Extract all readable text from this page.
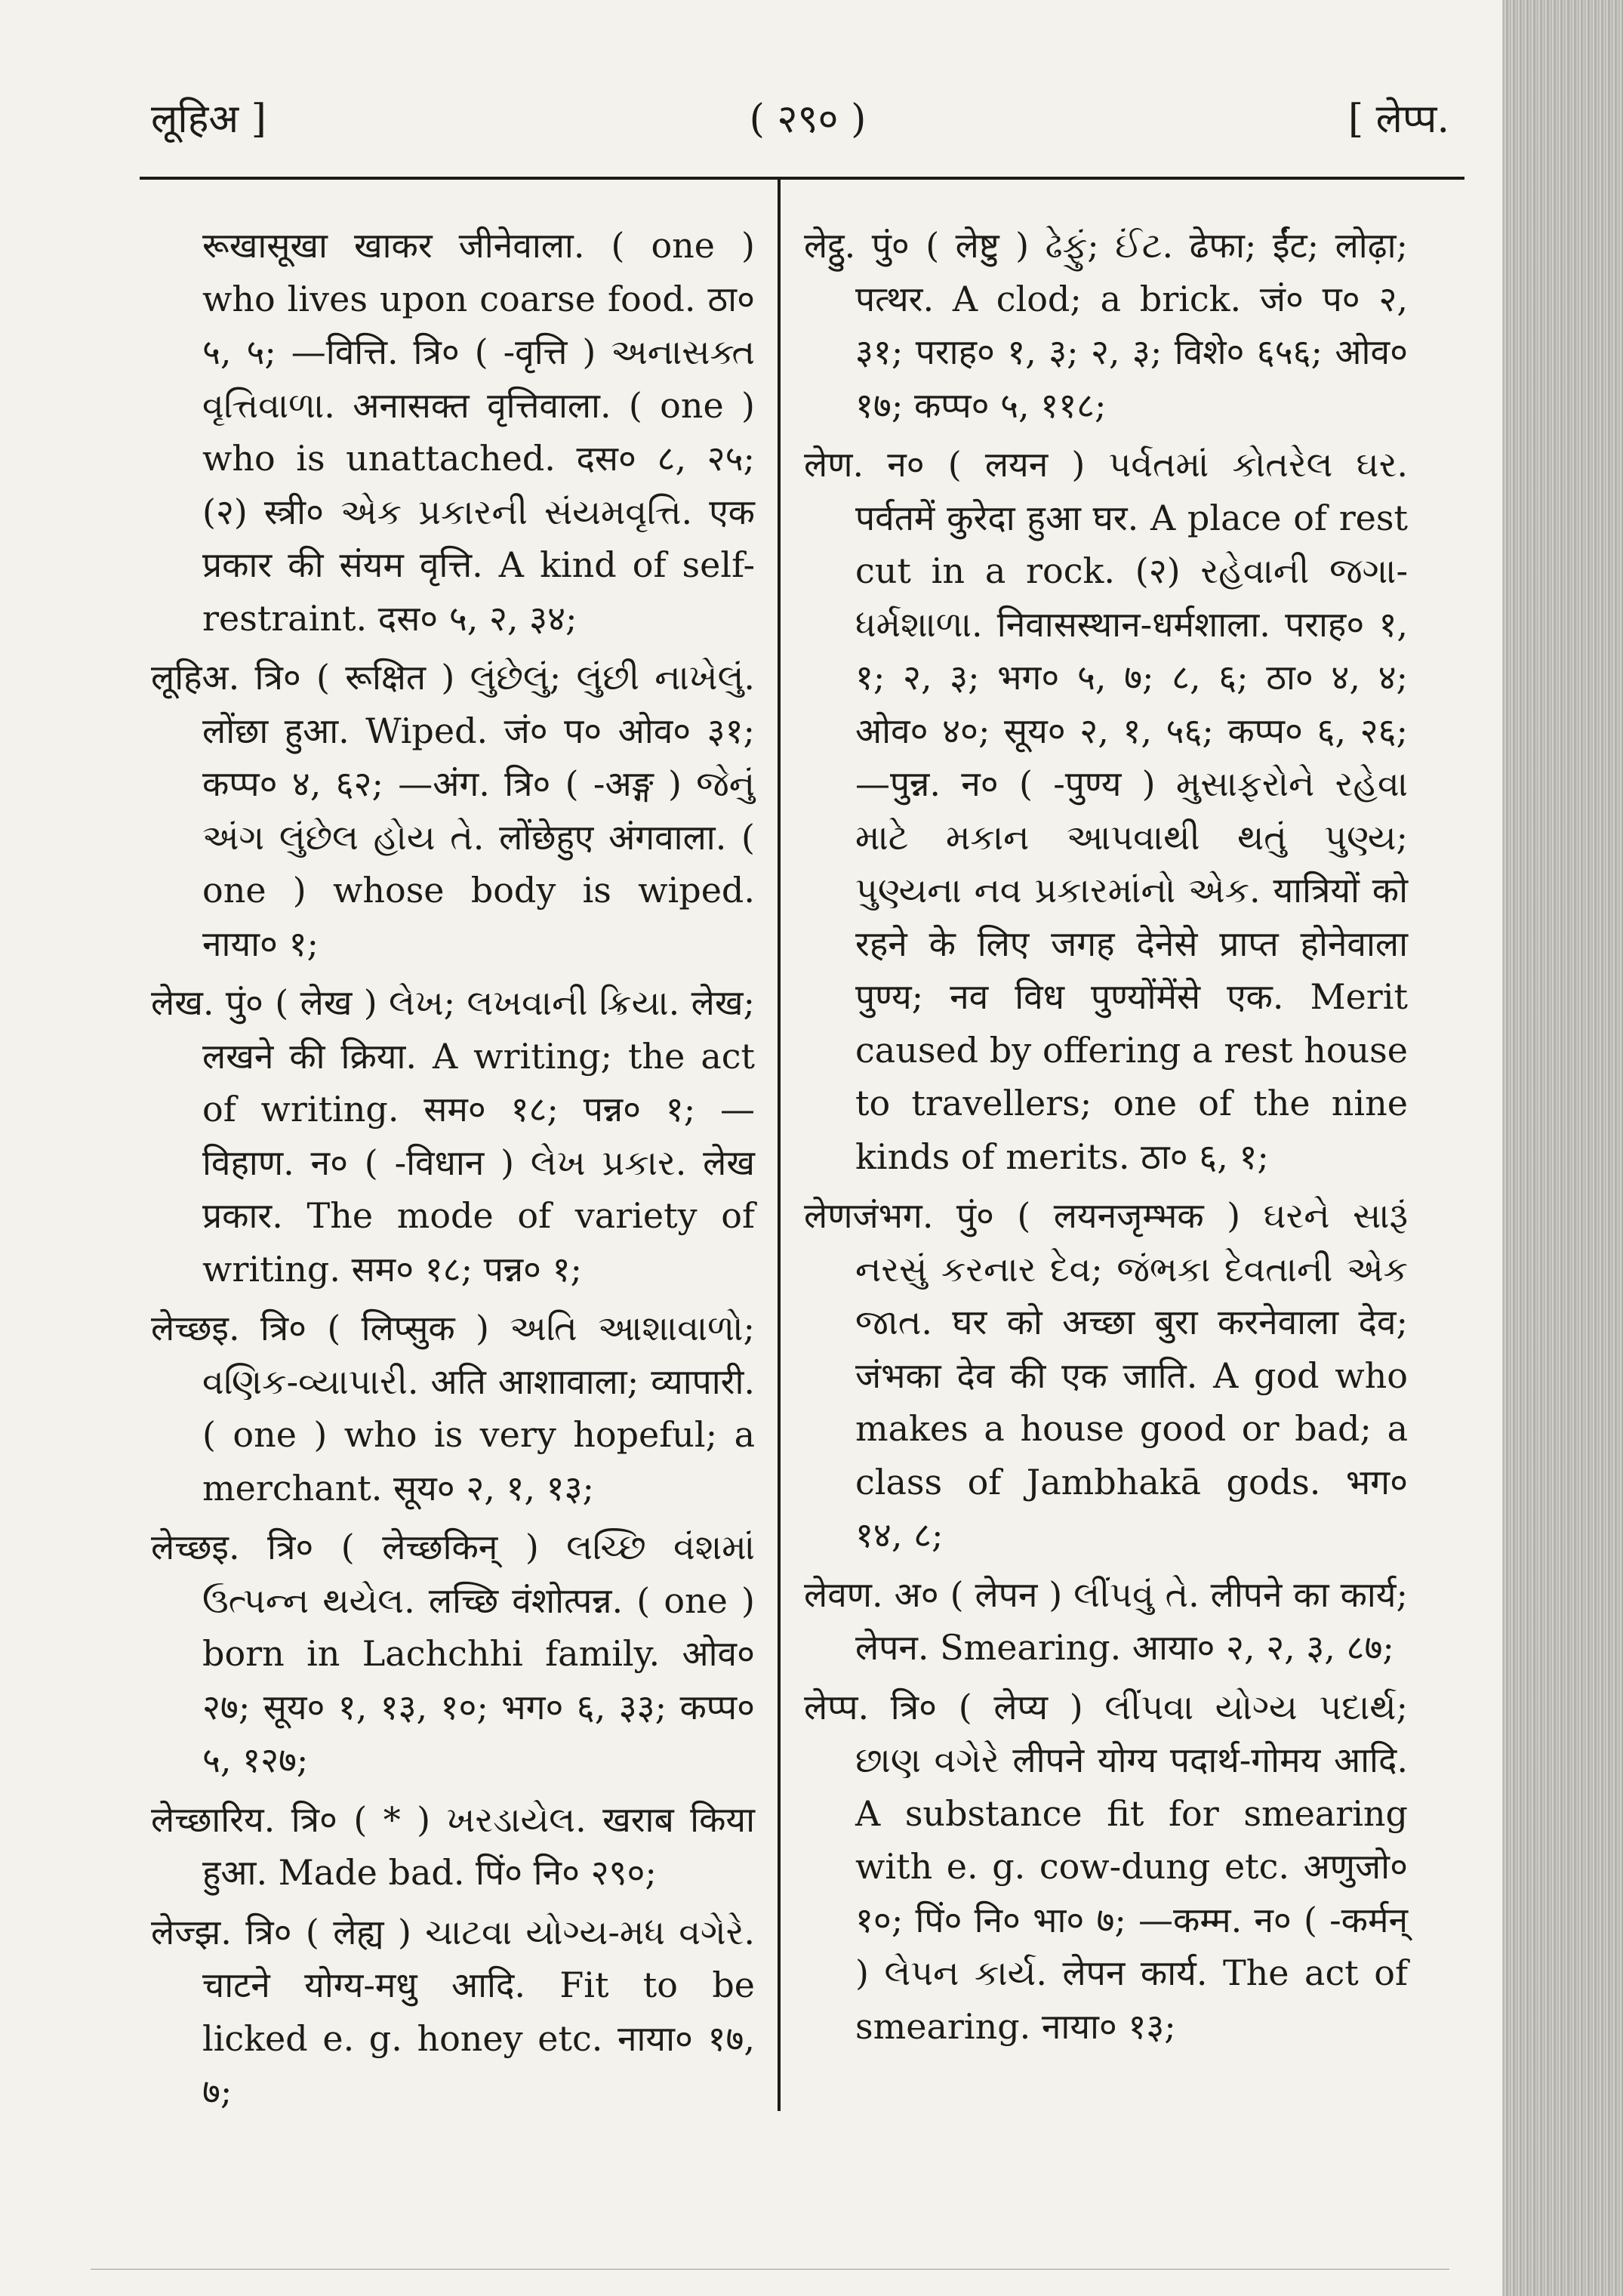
लूहिअ ]	( २९० )	[ लेप्प.

रूखासूखा खाकर जीनेवाला. ( one ) who lives upon coarse food. ठा० ५, ५; —वित्ति. त्रि० ( -वृत्ति ) અનાસક્ત વૃત્તિવાળા. अनासक्त वृत्तिवाला. ( one ) who is unattached. दस० ८, २५; (२) स्त्री० એક પ્રકારની સંયમવૃત્તિ. एक प्रकार की संयम वृत्ति. A kind of self-restraint. दस० ५, २, ३४;

लूहिअ. त्रि० ( रूक्षित ) લુંછેલું; લુંછી નાખેલું. लोंछा हुआ. Wiped. जं० प० ओव० ३१; कप्प० ४, ६२; —अंग. त्रि० ( -अङ्ग ) જેનું અંગ લુંછેલ હોય તે. लोंछेहुए अंगवाला. ( one ) whose body is wiped. नाया० १;

लेख. पुं० ( लेख ) લેખ; લખવાની ક્રિયા. लेख; लखने की क्रिया. A writing; the act of writing. सम० १८; पन्न० १; —विहाण. न० ( -विधान ) લેખ પ્રકાર. लेख प्रकार. The mode of variety of writing. सम० १८; पन्न० १;

लेच्छइ. त्रि० ( लिप्सुक ) અતિ આશાવાળો; વણિક-વ્યાપારી. अति आशावाला; व्यापारी. ( one ) who is very hopeful; a merchant. सूय० २, १, १३;

लेच्छइ. त्रि० ( लेच्छकिन् ) લચ્છિ વંશમાં ઉત્પન્ન થયેલ. लच्छि वंशोत्पन्न. ( one ) born in Lachchhi family. ओव० २७; सूय० १, १३, १०; भग० ६, ३३; कप्प० ५, १२७;

लेच्छारिय. त्रि० ( * ) ખરડાયેલ. खराब किया हुआ. Made bad. पिं० नि० २९०;

लेज्झ. त्रि० ( लेह्य ) ચાટવા યોગ્ય-મધ વગેરે. चाटने योग्य-मधु आदि. Fit to be licked e. g. honey etc. नाया० १७, ७;

लेट्ठु. पुं० ( लेष्टु ) ઢેફું; ઈંટ. ढेफा; ईंट; लोढ़ा; पत्थर. A clod; a brick. जं० प० २, ३१; पराह० १, ३; २, ३; विशे० ६५६; ओव० १७; कप्प० ५, ११८;

लेण. न० ( लयन ) પર્વતમાં કોતરેલ ઘર. पर्वतमें कुरेदा हुआ घर. A place of rest cut in a rock. (२) રહેવાની જગા-ધર્મશાળા. निवासस्थान-धर्मशाला. पराह० १, १; २, ३; भग० ५, ७; ८, ६; ठा० ४, ४; ओव० ४०; सूय० २, १, ५६; कप्प० ६, २६; —पुन्न. न० ( -पुण्य ) મુસાફરોને રહેવા માટે મકાન આપવાથી થતું પુણ્ય; પુણ્યના નવ પ્રકારમાંનો એક. यात्रियों को रहने के लिए जगह देनेसे प्राप्त होनेवाला पुण्य; नव विध पुण्योंमेंसे एक. Merit caused by offering a rest house to travellers; one of the nine kinds of merits. ठा० ६, १;

लेणजंभग. पुं० ( लयनजृम्भक ) ઘરને સારૂં નરસું કરનાર દેવ; જંભકા દેવતાની એક જાત. घर को अच्छा बुरा करनेवाला देव; जंभका देव की एक जाति. A god who makes a house good or bad; a class of Jambhakā gods. भग० १४, ८;

लेवण. अ० ( लेपन ) લીંપવું તે. लीपने का कार्य; लेपन. Smearing. आया० २, २, ३, ८७;

लेप्प. त्रि० ( लेप्य ) લીંપવા યોગ્ય પદાર્થ; છાણ વગેરે लीपने योग्य पदार्थ-गोमय आदि. A substance fit for smearing with e. g. cow-dung etc. अणुजो० १०; पिं० नि० भा० ७; —कम्म. न० ( -कर्मन् ) લેપન કાર્ય. लेपन कार्य. The act of smearing. नाया० १३;
